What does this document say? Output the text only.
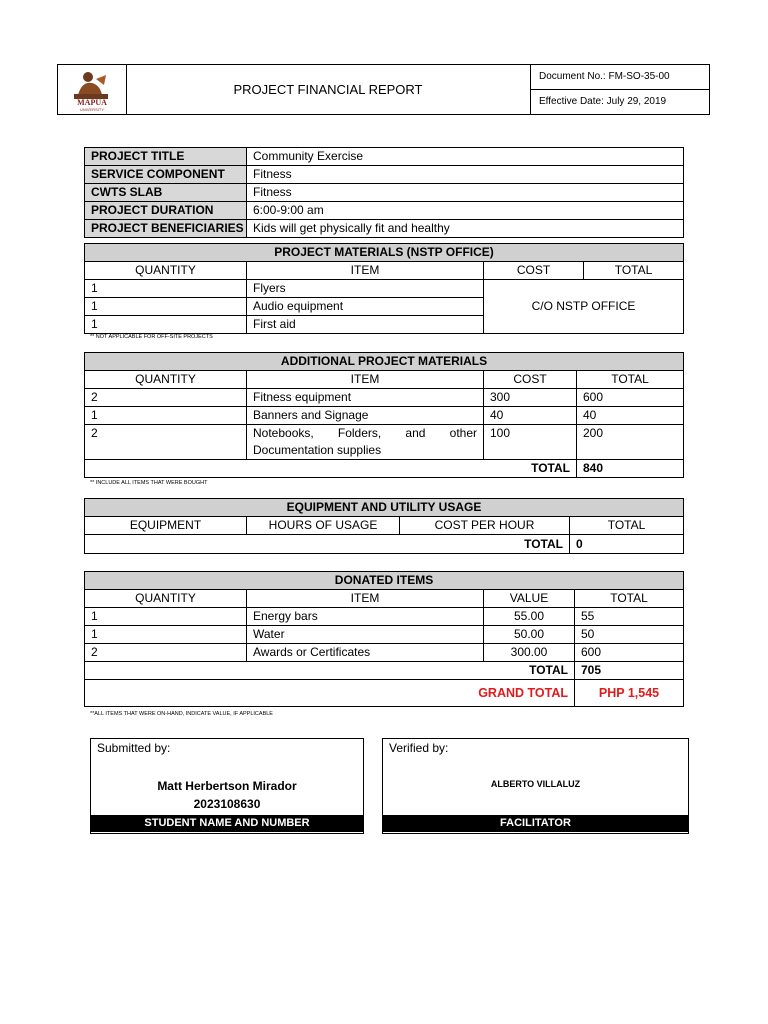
MAPUA
UNIVERSITY
PROJECT FINANCIAL REPORT
Document No.: FM-SO-35-00
Effective Date: July 29, 2019
PROJECT TITLE	Community Exercise
SERVICE COMPONENT	Fitness
CWTS SLAB	Fitness
PROJECT DURATION	6:00-9:00 am
PROJECT BENEFICIARIES	Kids will get physically fit and healthy
PROJECT MATERIALS (NSTP OFFICE)			
QUANTITY	ITEM	COST	TOTAL
1	Flyers	C/O NSTP OFFICE	
1	Audio equipment		
1	First aid		
** NOT APPLICABLE FOR OFF-SITE PROJECTS
ADDITIONAL PROJECT MATERIALS			
QUANTITY	ITEM	COST	TOTAL
2	Fitness equipment	300	600
1	Banners and Signage	40	40
2	Notebooks,  Folders,  and  other
Documentation supplies	100	200
TOTAL			840
** INCLUDE ALL ITEMS THAT WERE BOUGHT
EQUIPMENT AND UTILITY USAGE			
EQUIPMENT	HOURS OF USAGE	COST PER HOUR	TOTAL
TOTAL			0
DONATED ITEMS			
QUANTITY	ITEM	VALUE	TOTAL
1	Energy bars	55.00	55
1	Water	50.00	50
2	Awards or Certificates	300.00	600
TOTAL			705
GRAND TOTAL			PHP 1,545
**ALL ITEMS THAT WERE ON-HAND, INDICATE VALUE, IF APPLICABLE
Submitted by:
Matt Herbertson Mirador
2023108630
STUDENT NAME AND NUMBER
Verified by:
ALBERTO VILLALUZ
FACILITATOR
